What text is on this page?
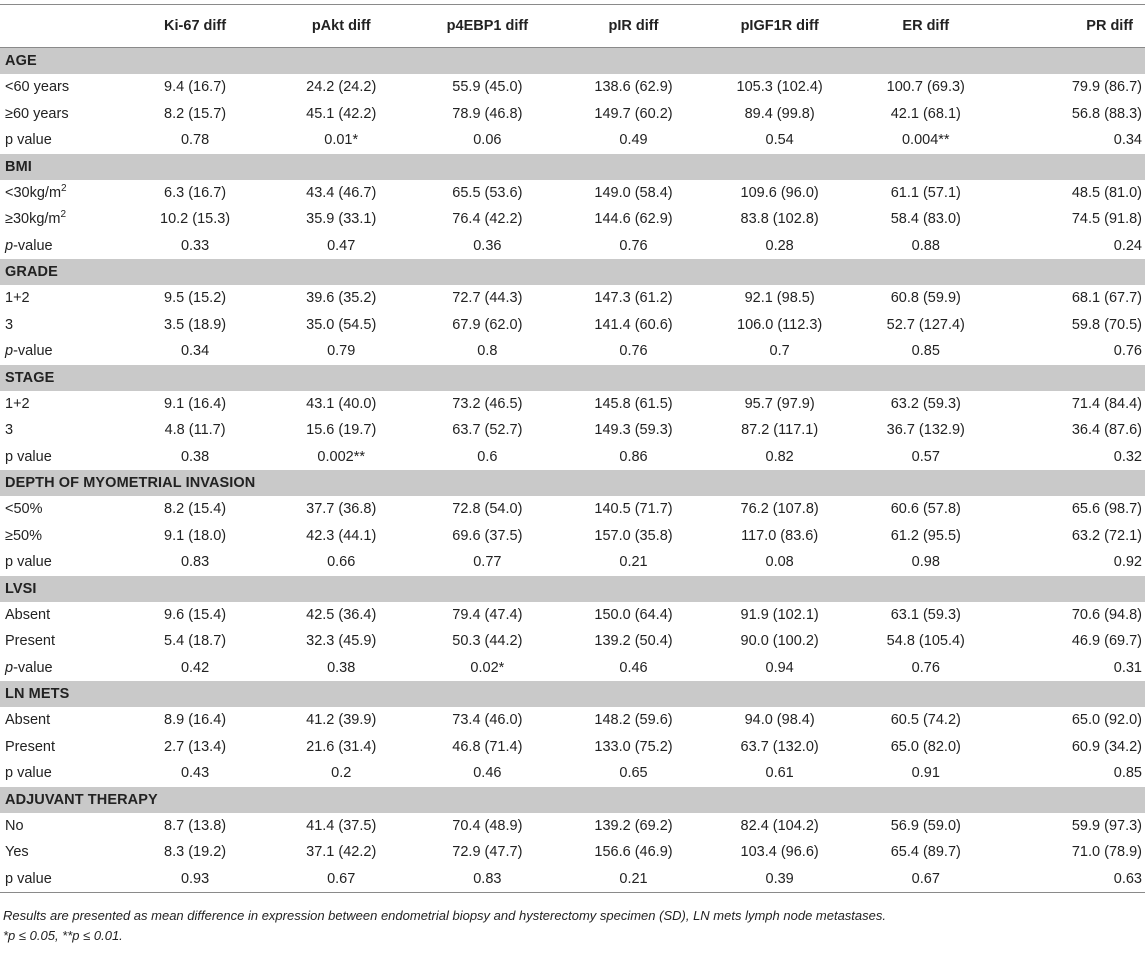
	Ki-67 diff	pAkt diff	p4EBP1 diff	pIR diff	pIGF1R diff	ER diff	PR diff
AGE							
<60 years	9.4 (16.7)	24.2 (24.2)	55.9 (45.0)	138.6 (62.9)	105.3 (102.4)	100.7 (69.3)	79.9 (86.7)
≥60 years	8.2 (15.7)	45.1 (42.2)	78.9 (46.8)	149.7 (60.2)	89.4 (99.8)	42.1 (68.1)	56.8 (88.3)
p value	0.78	0.01*	0.06	0.49	0.54	0.004**	0.34
BMI							
$<30kg/m^2$	6.3 (16.7)	43.4 (46.7)	65.5 (53.6)	149.0 (58.4)	109.6 (96.0)	61.1 (57.1)	48.5 (81.0)
$\ge 30kg/m^2$	10.2 (15.3)	35.9 (33.1)	76.4 (42.2)	144.6 (62.9)	83.8 (102.8)	58.4 (83.0)	74.5 (91.8)
p-value	0.33	0.47	0.36	0.76	0.28	0.88	0.24
GRADE							
1+2	9.5 (15.2)	39.6 (35.2)	72.7 (44.3)	147.3 (61.2)	92.1 (98.5)	60.8 (59.9)	68.1 (67.7)
3	3.5 (18.9)	35.0 (54.5)	67.9 (62.0)	141.4 (60.6)	106.0 (112.3)	52.7 (127.4)	59.8 (70.5)
p-value	0.34	0.79	0.8	0.76	0.7	0.85	0.76
STAGE							
1+2	9.1 (16.4)	43.1 (40.0)	73.2 (46.5)	145.8 (61.5)	95.7 (97.9)	63.2 (59.3)	71.4 (84.4)
3	4.8 (11.7)	15.6 (19.7)	63.7 (52.7)	149.3 (59.3)	87.2 (117.1)	36.7 (132.9)	36.4 (87.6)
p value	0.38	0.002**	0.6	0.86	0.82	0.57	0.32
DEPTH OF MYOMETRIAL INVASION							
<50%	8.2 (15.4)	37.7 (36.8)	72.8 (54.0)	140.5 (71.7)	76.2 (107.8)	60.6 (57.8)	65.6 (98.7)
≥50%	9.1 (18.0)	42.3 (44.1)	69.6 (37.5)	157.0 (35.8)	117.0 (83.6)	61.2 (95.5)	63.2 (72.1)
p value	0.83	0.66	0.77	0.21	0.08	0.98	0.92
LVSI							
Absent	9.6 (15.4)	42.5 (36.4)	79.4 (47.4)	150.0 (64.4)	91.9 (102.1)	63.1 (59.3)	70.6 (94.8)
Present	5.4 (18.7)	32.3 (45.9)	50.3 (44.2)	139.2 (50.4)	90.0 (100.2)	54.8 (105.4)	46.9 (69.7)
p-value	0.42	0.38	0.02*	0.46	0.94	0.76	0.31
LN METS							
Absent	8.9 (16.4)	41.2 (39.9)	73.4 (46.0)	148.2 (59.6)	94.0 (98.4)	60.5 (74.2)	65.0 (92.0)
Present	2.7 (13.4)	21.6 (31.4)	46.8 (71.4)	133.0 (75.2)	63.7 (132.0)	65.0 (82.0)	60.9 (34.2)
p value	0.43	0.2	0.46	0.65	0.61	0.91	0.85
ADJUVANT THERAPY							
No	8.7 (13.8)	41.4 (37.5)	70.4 (48.9)	139.2 (69.2)	82.4 (104.2)	56.9 (59.0)	59.9 (97.3)
Yes	8.3 (19.2)	37.1 (42.2)	72.9 (47.7)	156.6 (46.9)	103.4 (96.6)	65.4 (89.7)	71.0 (78.9)
p value	0.93	0.67	0.83	0.21	0.39	0.67	0.63
Results are presented as mean difference in expression between endometrial biopsy and hysterectomy specimen (SD), LN mets lymph node metastases.
*p ≤ 0.05, **p ≤ 0.01.
